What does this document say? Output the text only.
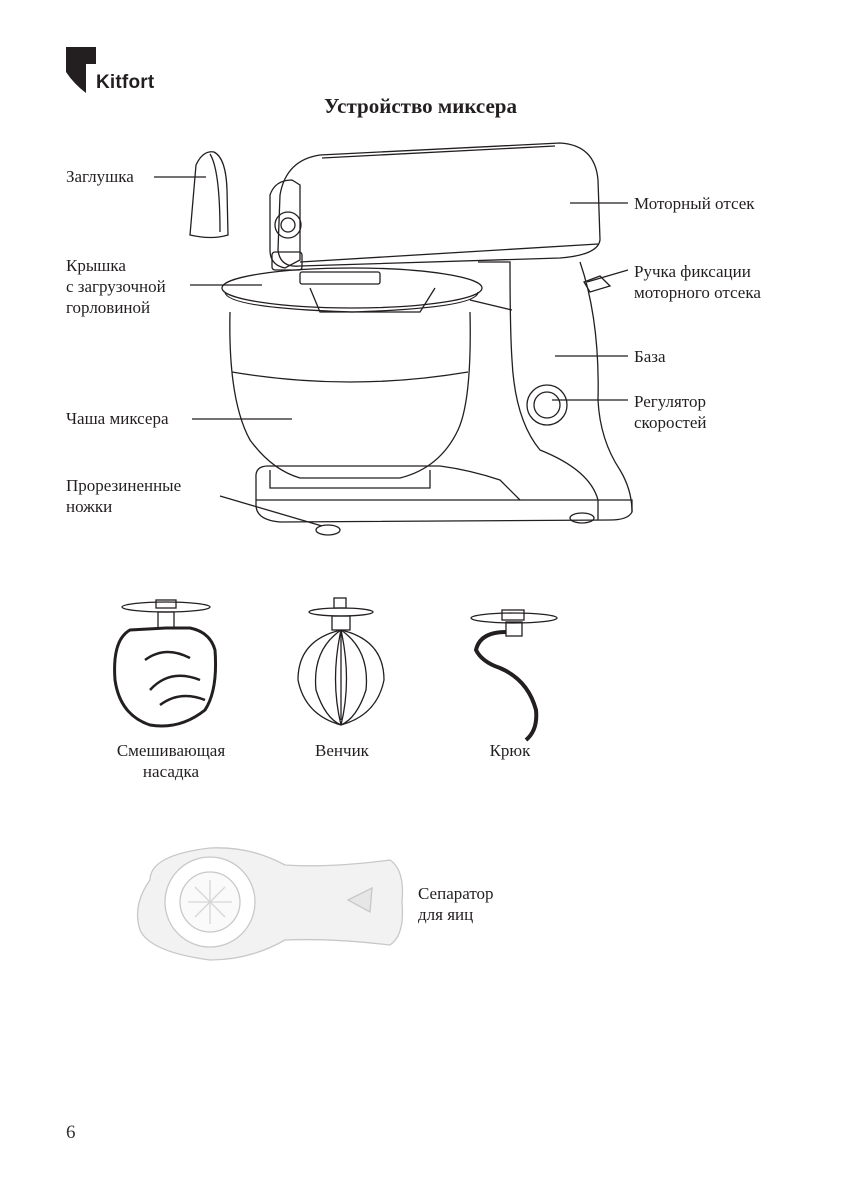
Kitfort
Устройство миксера
Заглушка
Крышка
с загрузочной
горловиной
Чаша миксера
Прорезиненные
ножки
Моторный отсек
Ручка фиксации
моторного отсека
База
Регулятор
скоростей
Смешивающая
насадка
Венчик	Крюк
Сепаратор
для яиц
6
